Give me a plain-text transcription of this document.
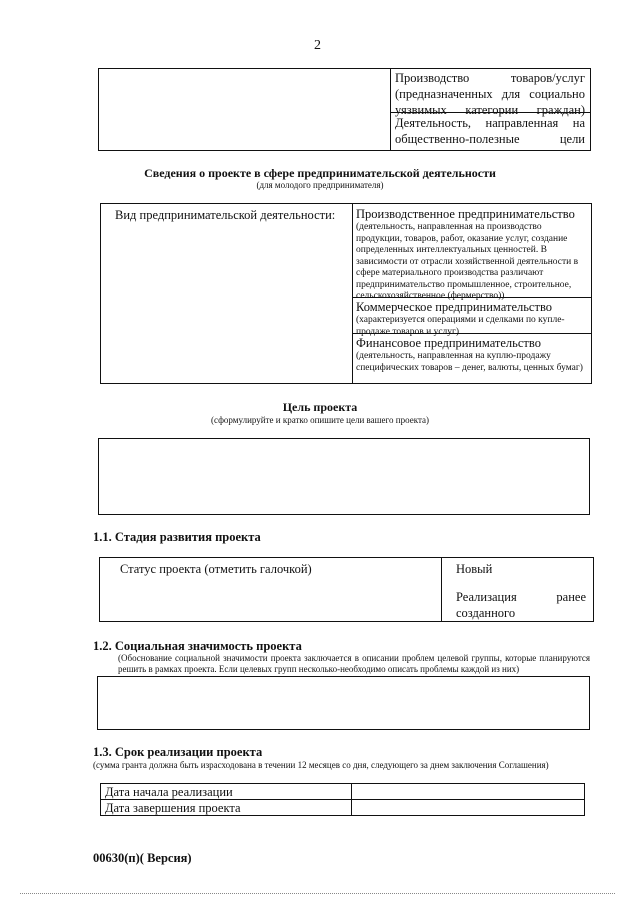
2
Производство товаров/услуг (предназначенных для социально уязвимых категории граждан)
Деятельность, направленная на общественно-полезные цели
Сведения о проекте в сфере предпринимательской деятельности
(для молодого предпринимателя)
Вид предпринимательской деятельности:	Производственное предпринимательство
(деятельность, направленная на производство продукции, товаров, работ, оказание услуг, создание определенных интеллектуальных ценностей. В зависимости от отрасли хозяйственной деятельности в сфере материального производства различают предпринимательство промышленное, строительное, сельскохозяйственное (фермерство))
Коммерческое предпринимательство
(характеризуется операциями и сделками по купле-продаже товаров и услуг)
Финансовое предпринимательство
(деятельность, направленная на куплю-продажу специфических товаров – денег, валюты, ценных бумаг)
Цель проекта
(сформулируйте и кратко опишите цели вашего проекта)
1.1. Стадия развития проекта
Статус проекта (отметить галочкой)	Новый
Реализация ранее созданного
1.2. Социальная значимость проекта
(Обоснование социальной значимости проекта заключается в описании проблем целевой группы, которые планируются решить в рамках проекта. Если целевых групп несколько-необходимо описать проблемы каждой из них)
1.3. Срок реализации проекта
(сумма гранта должна быть израсходована в течении 12 месяцев со дня, следующего за днем заключения Соглашения)
Дата начала реализации
Дата завершения проекта
00630(п)( Версия)
